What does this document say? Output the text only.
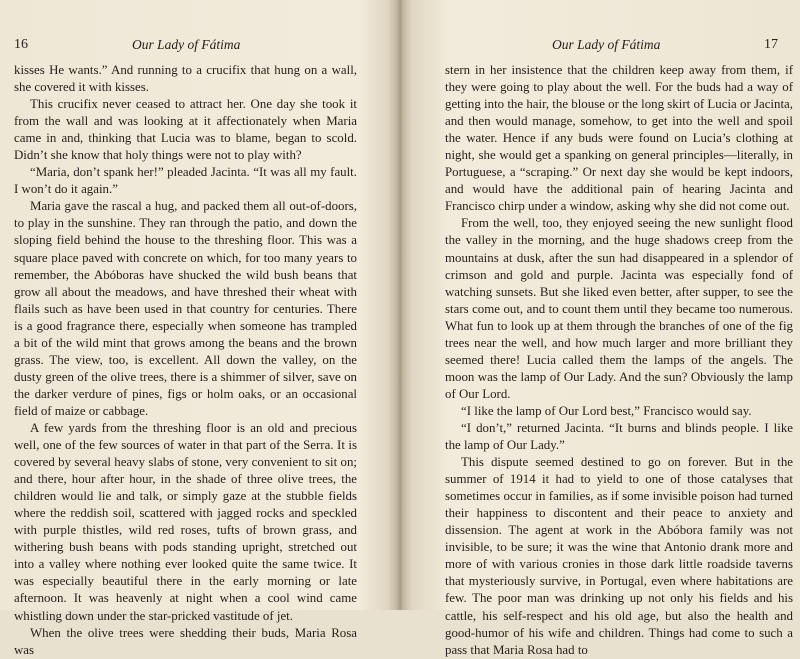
16	Our Lady of Fátima

kisses He wants.” And running to a crucifix that hung on a wall, she covered it with kisses.

This crucifix never ceased to attract her. One day she took it from the wall and was looking at it affectionately when Maria came in and, thinking that Lucia was to blame, began to scold. Didn’t she know that holy things were not to play with?

“Maria, don’t spank her!” pleaded Jacinta. “It was all my fault. I won’t do it again.”

Maria gave the rascal a hug, and packed them all out-of-doors, to play in the sunshine. They ran through the patio, and down the sloping field behind the house to the threshing floor. This was a square place paved with concrete on which, for too many years to remember, the Abóboras have shucked the wild bush beans that grow all about the meadows, and have threshed their wheat with flails such as have been used in that country for centuries. There is a good fragrance there, especially when someone has trampled a bit of the wild mint that grows among the beans and the brown grass. The view, too, is excellent. All down the valley, on the dusty green of the olive trees, there is a shimmer of silver, save on the darker verdure of pines, figs or holm oaks, or an occasional field of maize or cabbage.

A few yards from the threshing floor is an old and precious well, one of the few sources of water in that part of the Serra. It is covered by several heavy slabs of stone, very convenient to sit on; and there, hour after hour, in the shade of three olive trees, the children would lie and talk, or simply gaze at the stubble fields where the reddish soil, scattered with jagged rocks and speckled with purple thistles, wild red roses, tufts of brown grass, and withering bush beans with pods standing upright, stretched out into a valley where nothing ever looked quite the same twice. It was especially beautiful there in the early morning or late afternoon. It was heavenly at night when a cool wind came whistling down under the star-pricked vastitude of jet.

When the olive trees were shedding their buds, Maria Rosa was

Our Lady of Fátima	17

stern in her insistence that the children keep away from them, if they were going to play about the well. For the buds had a way of getting into the hair, the blouse or the long skirt of Lucia or Jacinta, and then would manage, somehow, to get into the well and spoil the water. Hence if any buds were found on Lucia’s clothing at night, she would get a spanking on general principles—literally, in Portuguese, a “scraping.” Or next day she would be kept indoors, and would have the additional pain of hearing Jacinta and Francisco chirp under a window, asking why she did not come out.

From the well, too, they enjoyed seeing the new sunlight flood the valley in the morning, and the huge shadows creep from the mountains at dusk, after the sun had disappeared in a splendor of crimson and gold and purple. Jacinta was especially fond of watching sunsets. But she liked even better, after supper, to see the stars come out, and to count them until they became too numerous. What fun to look up at them through the branches of one of the fig trees near the well, and how much larger and more brilliant they seemed there! Lucia called them the lamps of the angels. The moon was the lamp of Our Lady. And the sun? Obviously the lamp of Our Lord.

“I like the lamp of Our Lord best,” Francisco would say.

“I don’t,” returned Jacinta. “It burns and blinds people. I like the lamp of Our Lady.”

This dispute seemed destined to go on forever. But in the summer of 1914 it had to yield to one of those catalyses that sometimes occur in families, as if some invisible poison had turned their happiness to discontent and their peace to anxiety and dissension. The agent at work in the Abóbora family was not invisible, to be sure; it was the wine that Antonio drank more and more of with various cronies in those dark little roadside taverns that mysteriously survive, in Portugal, even where habitations are few. The poor man was drinking up not only his fields and his cattle, his self-respect and his old age, but also the health and good-humor of his wife and children. Things had come to such a pass that Maria Rosa had to
